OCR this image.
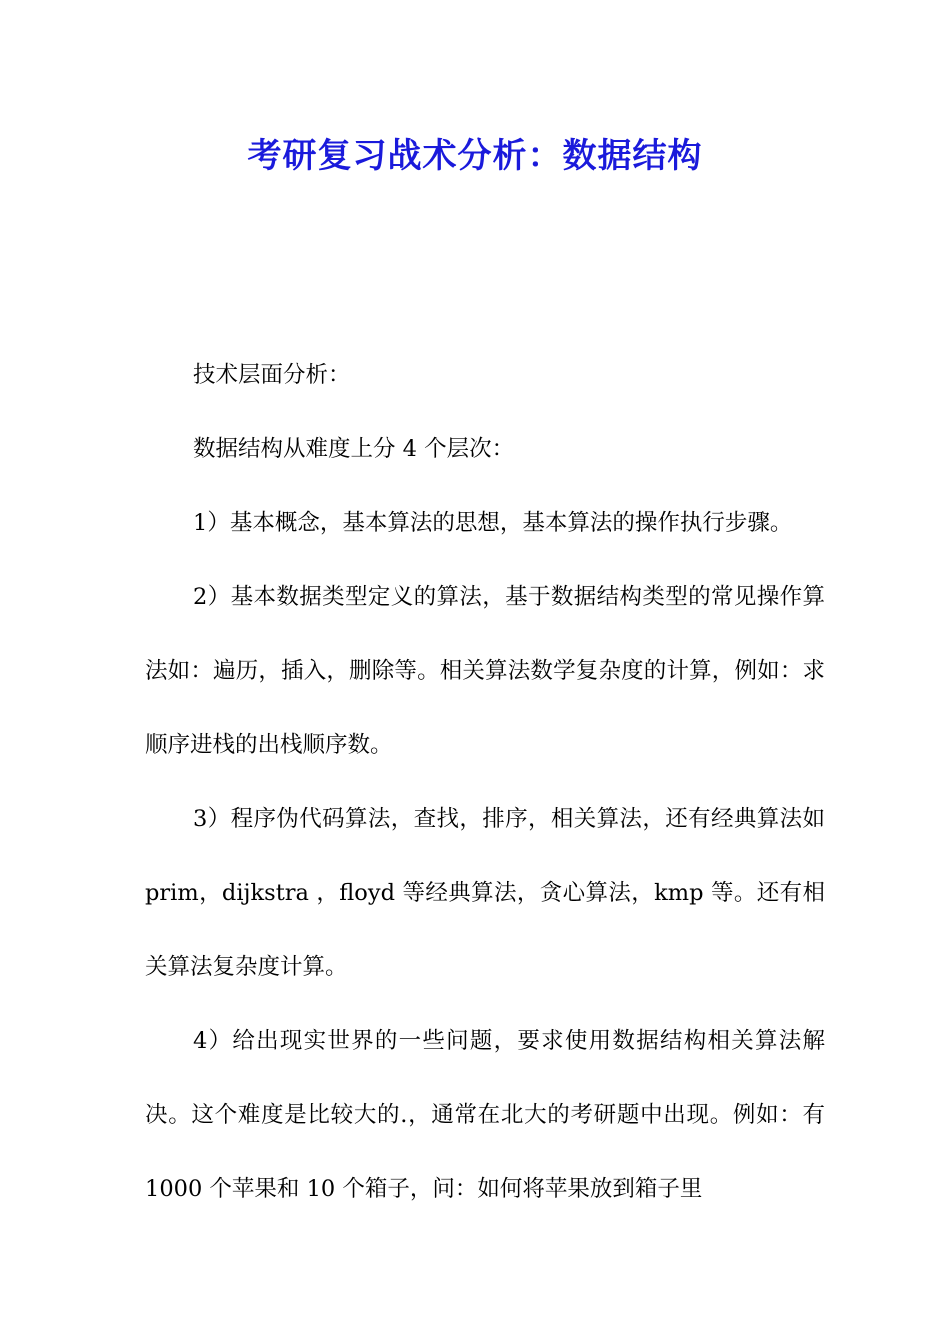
考研复习战术分析：数据结构

技术层面分析：

数据结构从难度上分 4 个层次：

1）基本概念，基本算法的思想，基本算法的操作执行步骤。

2）基本数据类型定义的算法，基于数据结构类型的常见操作算法如：遍历，插入，删除等。相关算法数学复杂度的计算，例如：求顺序进栈的出栈顺序数。

3）程序伪代码算法，查找，排序，相关算法，还有经典算法如 prim，dijkstra ，floyd 等经典算法，贪心算法，kmp 等。还有相关算法复杂度计算。

4）给出现实世界的一些问题，要求使用数据结构相关算法解决。这个难度是比较大的.，通常在北大的考研题中出现。例如：有 1000 个苹果和 10 个箱子，问：如何将苹果放到箱子里
